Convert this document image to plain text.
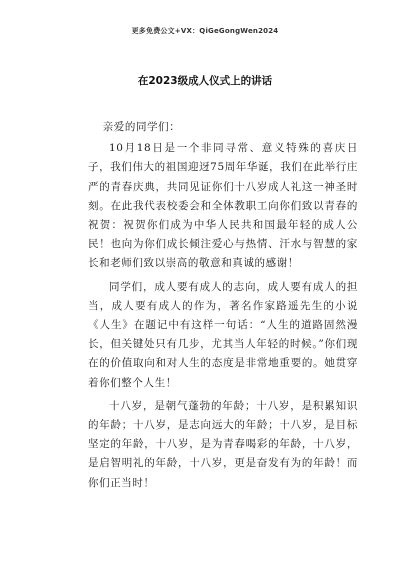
更多免费公文+VX：QiGeGongWen2024
在2023级成人仪式上的讲话

亲爱的同学们：

10月18日是一个非同寻常、意义特殊的喜庆日子，我们伟大的祖国迎迓75周年华诞，我们在此举行庄严的青春庆典，共同见证你们十八岁成人礼这一神圣时刻。在此我代表校委会和全体教职工向你们致以青春的祝贺：祝贺你们成为中华人民共和国最年轻的成人公民！也向为你们成长倾注爱心与热情、汗水与智慧的家长和老师们致以崇高的敬意和真诚的感谢！

同学们，成人要有成人的志向，成人要有成人的担当，成人要有成人的作为，著名作家路遥先生的小说《人生》在题记中有这样一句话：“人生的道路固然漫长，但关键处只有几步，尤其当人年轻的时候。”你们现在的价值取向和对人生的态度是非常地重要的。她贯穿着你们整个人生！

十八岁，是朝气蓬勃的年龄；十八岁，是积累知识的年龄；十八岁，是志向远大的年龄；十八岁，是目标坚定的年龄，十八岁，是为青春喝彩的年龄，十八岁，是启智明礼的年龄，十八岁，更是奋发有为的年龄！而你们正当时！
